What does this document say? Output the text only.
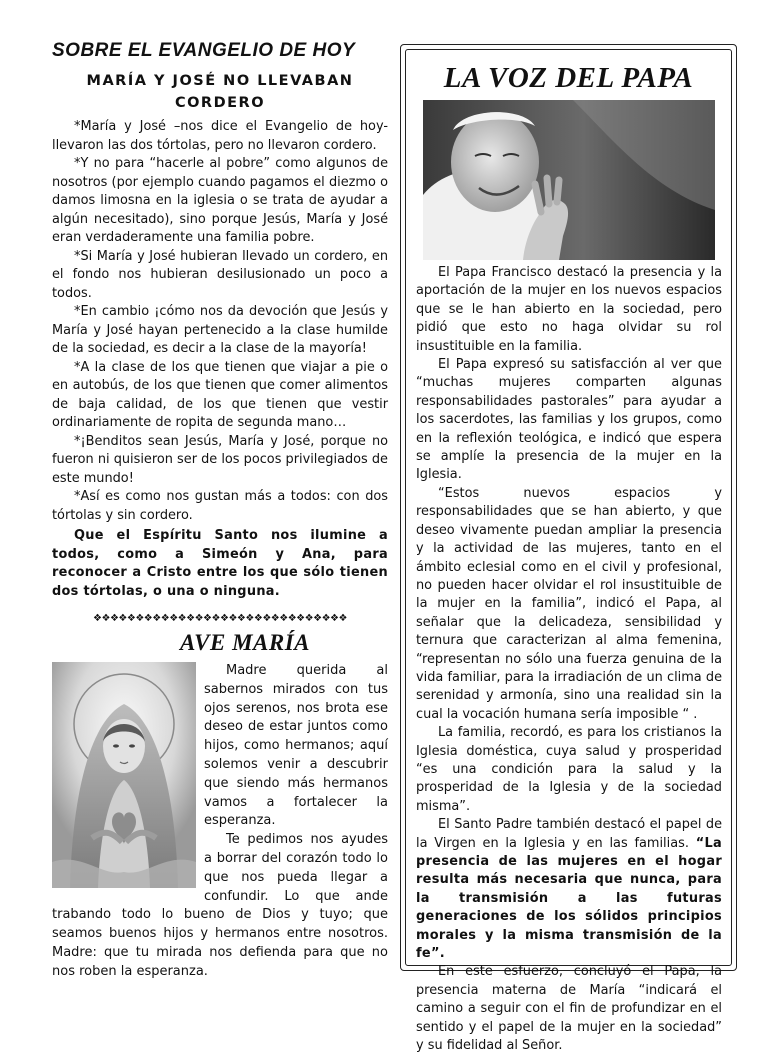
SOBRE EL EVANGELIO DE HOY
MARÍA Y JOSÉ NO LLEVABAN CORDERO

*María y José –nos dice el Evangelio de hoy- llevaron las dos tórtolas, pero no llevaron cordero.

*Y no para “hacerle al pobre” como algunos de nosotros (por ejemplo cuando pagamos el diezmo o damos limosna en la iglesia o se trata de ayudar a algún necesitado), sino porque Jesús, María y José eran verdaderamente una familia pobre.

*Si María y José hubieran llevado un cordero, en el fondo nos hubieran desilusionado un poco a todos.

*En cambio ¡cómo nos da devoción que Jesús y María y José hayan pertenecido a la clase humilde de la sociedad, es decir a la clase de la mayoría!

*A la clase de los que tienen que viajar a pie o en autobús, de los que tienen que comer alimentos de baja calidad, de los que tienen que vestir ordinariamente de ropita de segunda mano…

*¡Benditos sean Jesús, María y José, porque no fueron ni quisieron ser de los pocos privilegiados de este mundo!

*Así es como nos gustan más a todos: con dos tórtolas y sin cordero.

Que el Espíritu Santo nos ilumine a todos, como a Simeón y Ana, para reconocer a Cristo entre los que sólo tienen dos tórtolas, o una o ninguna.

❖❖❖❖❖❖❖❖❖❖❖❖❖❖❖❖❖❖❖❖❖❖❖❖❖❖❖❖❖❖
AVE MARÍA

Madre querida al sabernos mirados con tus ojos serenos, nos brota ese deseo de estar juntos como hijos, como hermanos; aquí solemos venir a descubrir que siendo más hermanos vamos a fortalecer la esperanza.

Te pedimos nos ayudes a borrar del corazón todo lo que nos pueda llegar a confundir. Lo que ande trabando todo lo bueno de Dios y tuyo; que seamos buenos hijos y hermanos entre nosotros. Madre: que tu mirada nos defienda para que no nos roben la esperanza.

LA VOZ DEL PAPA

El Papa Francisco destacó la presencia y la aportación de la mujer en los nuevos espacios que se le han abierto en la sociedad, pero pidió que esto no haga olvidar su rol insustituible en la familia.

El Papa expresó su satisfacción al ver que “muchas mujeres comparten algunas responsabilidades pastorales” para ayudar a los sacerdotes, las familias y los grupos, como en la reflexión teológica, e indicó que espera se amplíe la presencia de la mujer en la Iglesia.

“Estos nuevos espacios y responsabilidades que se han abierto, y que deseo vivamente puedan ampliar la presencia y la actividad de las mujeres, tanto en el ámbito eclesial como en el civil y profesional, no pueden hacer olvidar el rol insustituible de la mujer en la familia”, indicó el Papa, al señalar que la delicadeza, sensibilidad y ternura que caracterizan al alma femenina, “representan no sólo una fuerza genuina de la vida familiar, para la irradiación de un clima de serenidad y armonía, sino una realidad sin la cual la vocación humana sería imposible “ .

La familia, recordó, es para los cristianos la Iglesia doméstica, cuya salud y prosperidad “es una condición para la salud y la prosperidad de la Iglesia y de la sociedad misma”.

El Santo Padre también destacó el papel de la Virgen en la Iglesia y en las familias. “La presencia de las mujeres en el hogar resulta más necesaria que nunca, para la transmisión a las futuras generaciones de los sólidos principios morales y la misma transmisión de la fe”.

En este esfuerzo, concluyó el Papa, la presencia materna de María “indicará el camino a seguir con el fin de profundizar en el sentido y el papel de la mujer en la sociedad” y su fidelidad al Señor.
